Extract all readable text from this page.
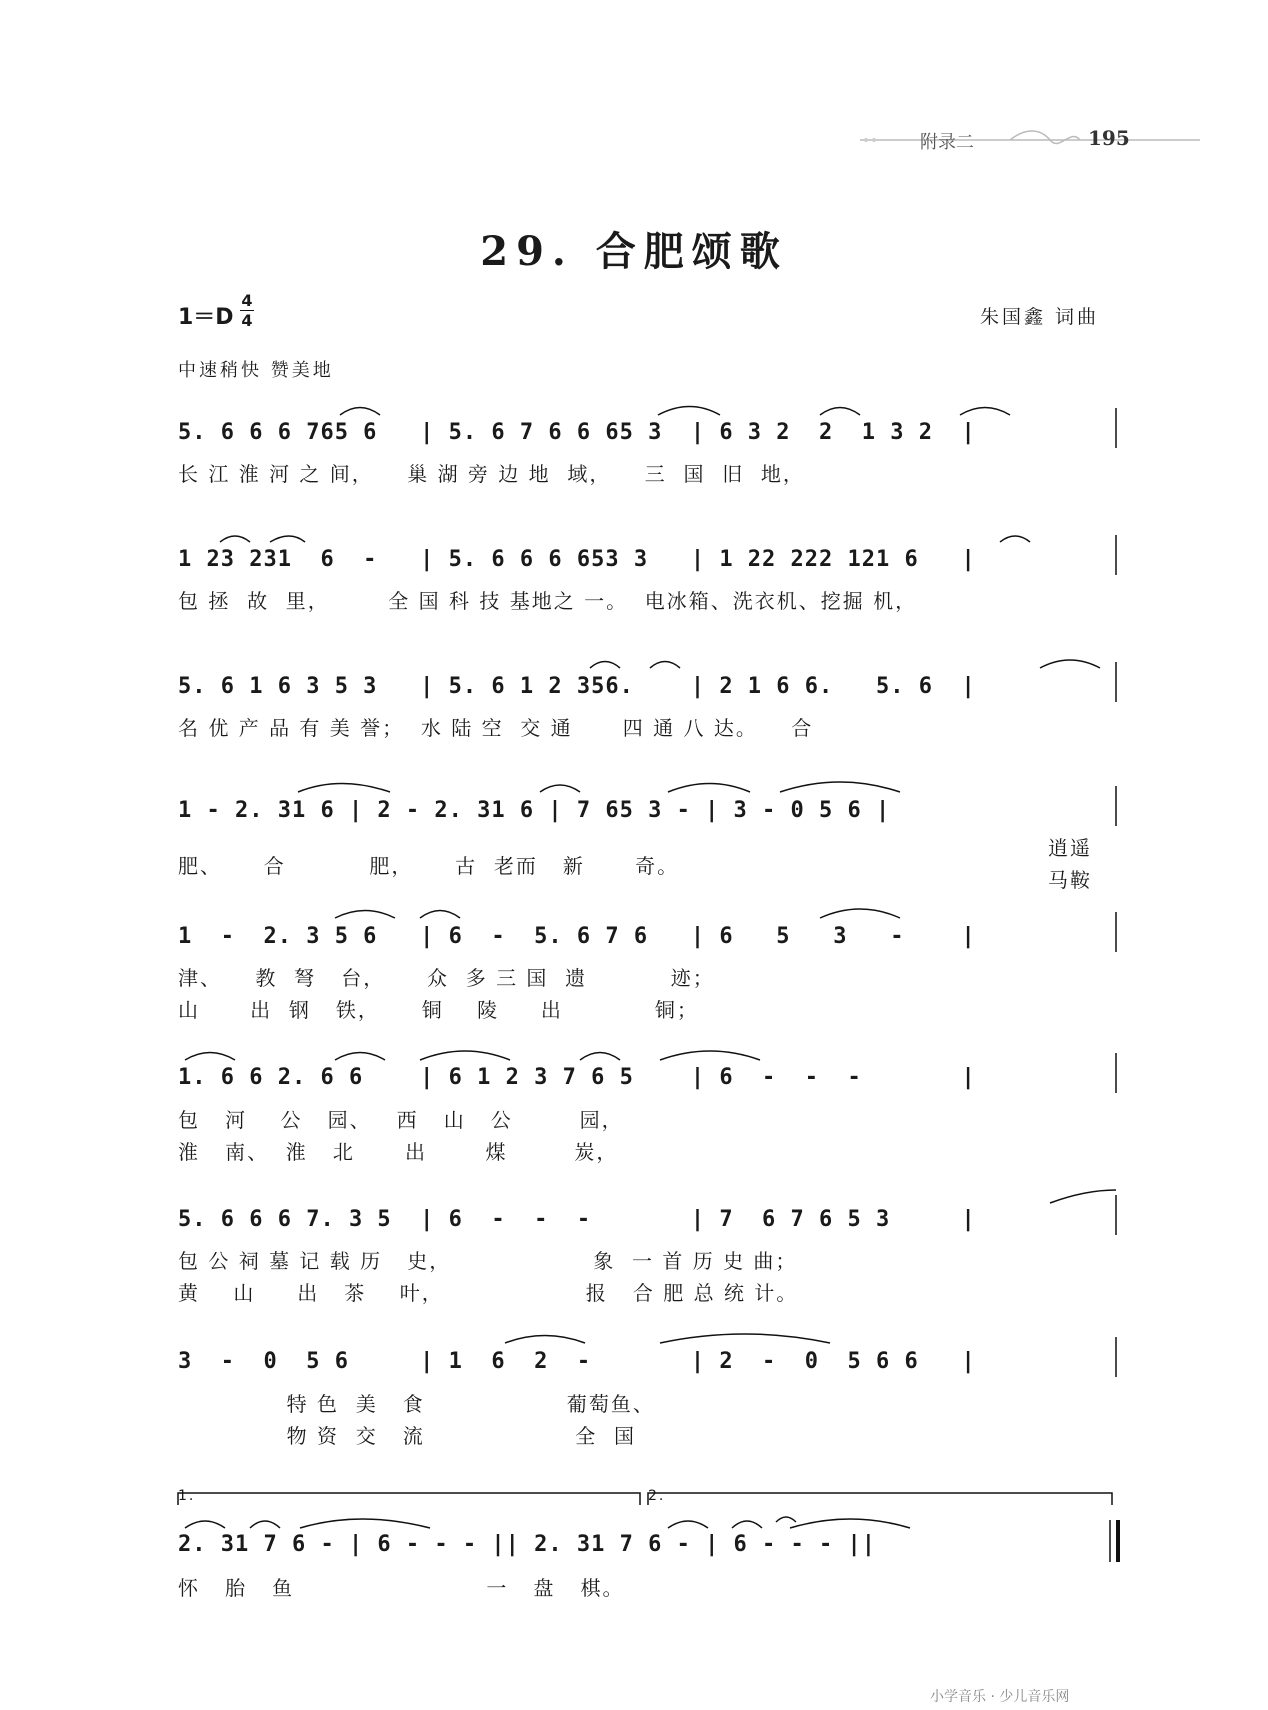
附录二	195
29. 合肥颂歌
1＝D
4
4	朱国鑫 词曲
中速稍快 赞美地
5. 6 6 6 765 6   | 5. 6 7 6 6 65 3  | 6 3 2  2  1 3 2  |
长 江 淮 河 之 间，    巢 湖 旁 边 地  域，    三  国  旧  地，
1 23 231  6  -   | 5. 6 6 6 653 3   | 1 22 222 121 6   |
包 拯  故  里，       全 国 科 技 基地之 一。  电冰箱、洗衣机、挖掘 机，
5. 6 1 6 3 5 3   | 5. 6 1 2 356.    | 2 1 6 6.   5. 6  |
名 优 产 品 有 美 誉；  水 陆 空  交 通      四 通 八 达。    合
1 - 2. 31 6 | 2 - 2. 31 6 | 7 65 3 - | 3 - 0 5 6 |
肥、     合          肥，     古  老而   新      奇。
逍遥
马鞍
1  -  2. 3 5 6   | 6  -  5. 6 7 6   | 6   5   3   -    |
津、    教  弩   台，     众  多 三 国  遗          迹；
山      出  钢   铁，     铜    陵     出           铜；
1. 6 6 2. 6 6    | 6 1 2 3 7 6 5    | 6  -  -  -       |
包   河    公   园、   西   山   公        园，
淮   南、  淮   北      出       煤        炭，
5. 6 6 6 7. 3 5  | 6  -  -  -       | 7  6 7 6 5 3     |
包 公 祠 墓 记 载 历   史，                 象  一 首 历 史 曲；
黄    山     出   茶    叶，                 报   合 肥 总 统 计。
3  -  0  5 6     | 1  6  2  -       | 2  -  0  5 6 6   |
特 色  美   食                 葡萄鱼、
物 资  交   流                  全  国
1.	2.
2. 31 7 6 - | 6 - - - || 2. 31 7 6 - | 6 - - - ||
怀   胎   鱼                       一   盘   棋。
小学音乐 · 少儿音乐网
